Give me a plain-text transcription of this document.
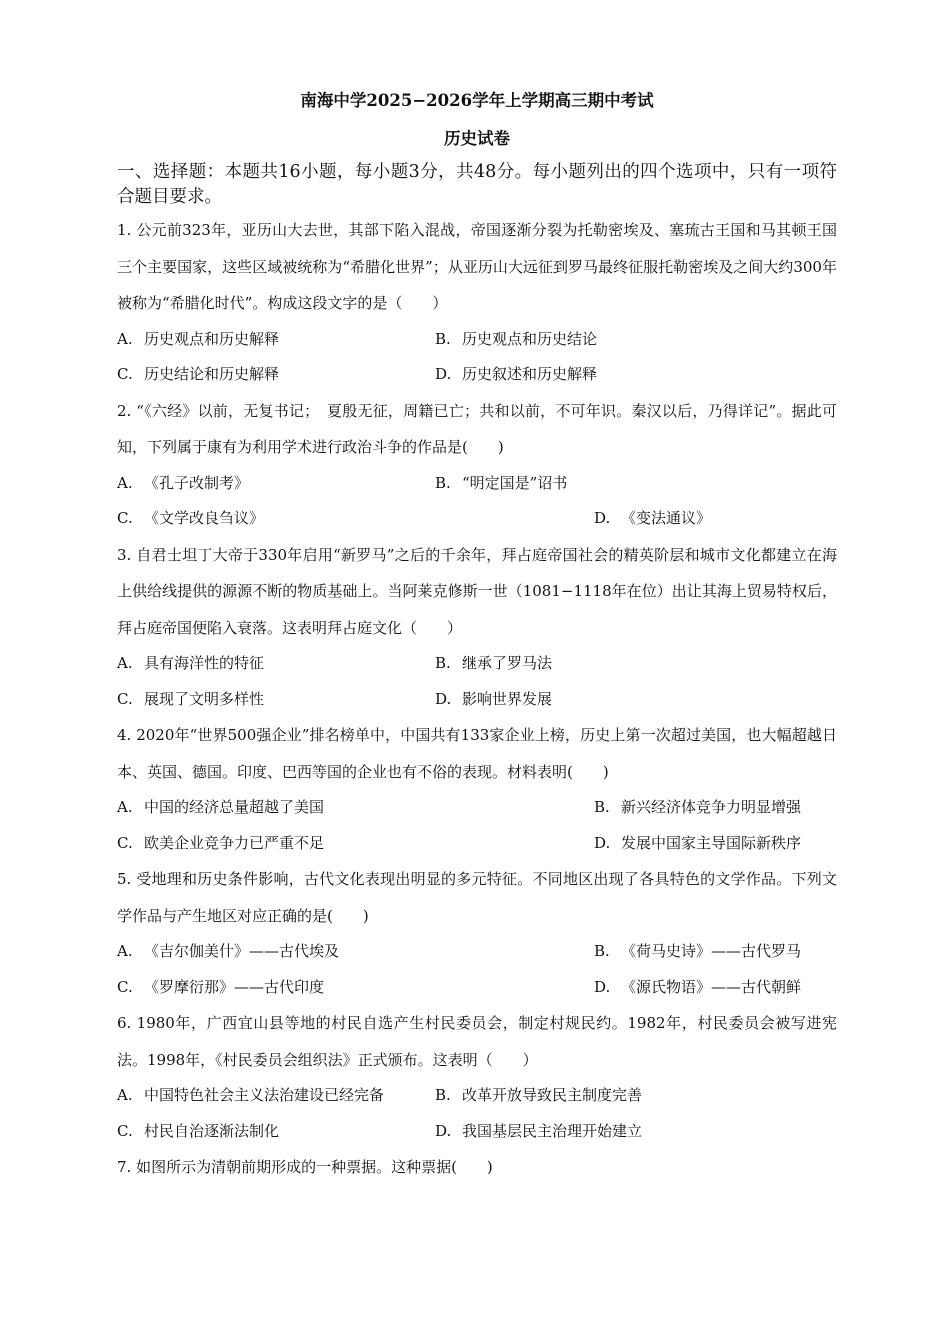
南海中学2025−2026学年上学期高三期中考试
历史试卷
一、选择题：本题共16小题，每小题3分，共48分。每小题列出的四个选项中，只有一项符合题目要求。

1. 公元前323年，亚历山大去世，其部下陷入混战，帝国逐渐分裂为托勒密埃及、塞琉古王国和马其顿王国三个主要国家，这些区域被统称为“希腊化世界”；从亚历山大远征到罗马最终征服托勒密埃及之间大约300年被称为“希腊化时代”。构成这段文字的是（　　）

A. 历史观点和历史解释	B. 历史观点和历史结论
C. 历史结论和历史解释	D. 历史叙述和历史解释

2. “《六经》以前，无复书记；　夏殷无征，周籍已亡；共和以前，不可年识。秦汉以后，乃得详记”。据此可知，下列属于康有为利用学术进行政治斗争的作品是(　　)

A. 《孔子改制考》	B. “明定国是”诏书
C. 《文学改良刍议》	D. 《变法通议》

3. 自君士坦丁大帝于330年启用“新罗马”之后的千余年，拜占庭帝国社会的精英阶层和城市文化都建立在海上供给线提供的源源不断的物质基础上。当阿莱克修斯一世（1081−1118年在位）出让其海上贸易特权后，拜占庭帝国便陷入衰落。这表明拜占庭文化（　　）

A. 具有海洋性的特征	B. 继承了罗马法
C. 展现了文明多样性	D. 影响世界发展

4. 2020年“世界500强企业”排名榜单中，中国共有133家企业上榜，历史上第一次超过美国，也大幅超越日本、英国、德国。印度、巴西等国的企业也有不俗的表现。材料表明(　　)

A. 中国的经济总量超越了美国	B. 新兴经济体竞争力明显增强
C. 欧美企业竞争力已严重不足	D. 发展中国家主导国际新秩序

5. 受地理和历史条件影响，古代文化表现出明显的多元特征。不同地区出现了各具特色的文学作品。下列文学作品与产生地区对应正确的是(　　)

A. 《吉尔伽美什》——古代埃及	B. 《荷马史诗》——古代罗马
C. 《罗摩衍那》——古代印度	D. 《源氏物语》——古代朝鲜

6. 1980年，广西宜山县等地的村民自选产生村民委员会，制定村规民约。1982年，村民委员会被写进宪法。1998年，《村民委员会组织法》正式颁布。这表明（　　）

A. 中国特色社会主义法治建设已经完备	B. 改革开放导致民主制度完善
C. 村民自治逐渐法制化	D. 我国基层民主治理开始建立

7. 如图所示为清朝前期形成的一种票据。这种票据(　　)
